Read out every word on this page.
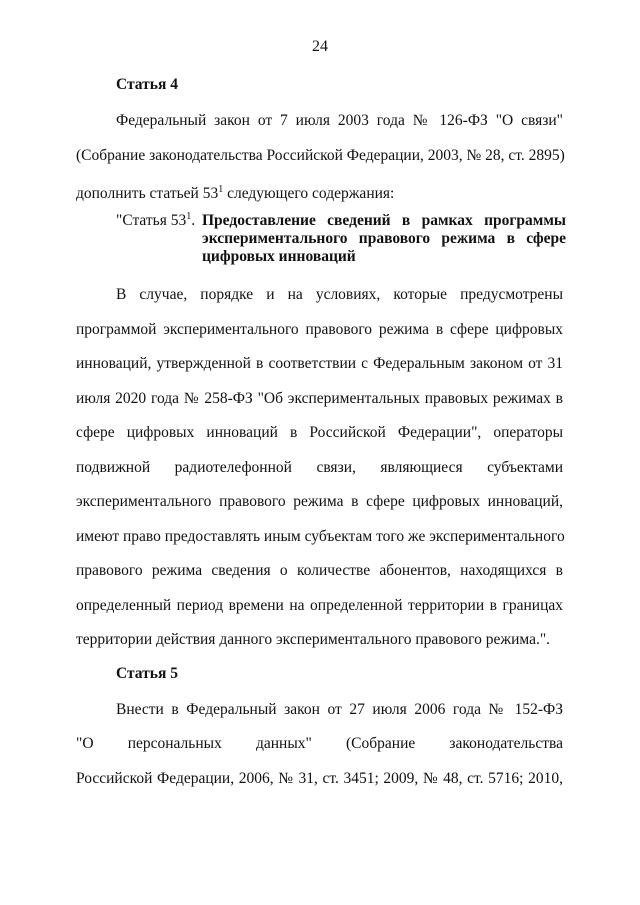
24
Статья 4
Федеральный закон от 7 июля 2003 года № 126-ФЗ "О связи"
(Собрание законодательства Российской Федерации, 2003, № 28, ст. 2895)
дополнить статьей $53^1$ следующего содержания:
"Статья $53^1$. Предоставление сведений в рамках программы
экспериментального правового режима в сфере
цифровых инноваций
В случае, порядке и на условиях, которые предусмотрены
программой экспериментального правового режима в сфере цифровых
инноваций, утвержденной в соответствии с Федеральным законом от 31
июля 2020 года № 258-ФЗ "Об экспериментальных правовых режимах в
сфере цифровых инноваций в Российской Федерации", операторы
подвижной радиотелефонной связи, являющиеся субъектами
экспериментального правового режима в сфере цифровых инноваций,
имеют право предоставлять иным субъектам того же экспериментального
правового режима сведения о количестве абонентов, находящихся в
определенный период времени на определенной территории в границах
территории действия данного экспериментального правового режима.".
Статья 5
Внести в Федеральный закон от 27 июля 2006 года № 152-ФЗ
"О персональных данных" (Собрание законодательства
Российской Федерации, 2006, № 31, ст. 3451; 2009, № 48, ст. 5716; 2010,
